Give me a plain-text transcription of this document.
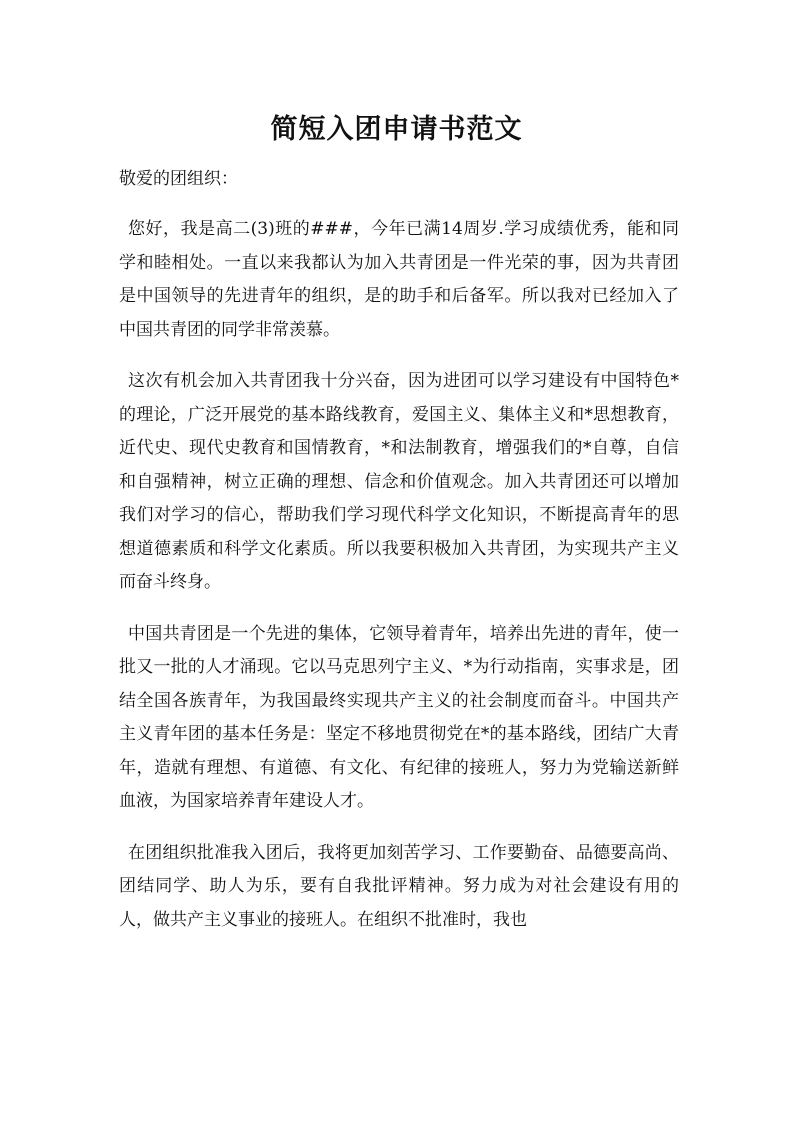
简短入团申请书范文

敬爱的团组织：

您好，我是高二(3)班的###，今年已满14周岁.学习成绩优秀，能和同学和睦相处。一直以来我都认为加入共青团是一件光荣的事，因为共青团是中国领导的先进青年的组织，是的助手和后备军。所以我对已经加入了中国共青团的同学非常羡慕。

这次有机会加入共青团我十分兴奋，因为进团可以学习建设有中国特色*的理论，广泛开展党的基本路线教育，爱国主义、集体主义和*思想教育，近代史、现代史教育和国情教育，*和法制教育，增强我们的*自尊，自信和自强精神，树立正确的理想、信念和价值观念。加入共青团还可以增加我们对学习的信心，帮助我们学习现代科学文化知识，不断提高青年的思想道德素质和科学文化素质。所以我要积极加入共青团，为实现共产主义而奋斗终身。

中国共青团是一个先进的集体，它领导着青年，培养出先进的青年，使一批又一批的人才涌现。它以马克思列宁主义、*为行动指南，实事求是，团结全国各族青年，为我国最终实现共产主义的社会制度而奋斗。中国共产主义青年团的基本任务是：坚定不移地贯彻党在*的基本路线，团结广大青年，造就有理想、有道德、有文化、有纪律的接班人，努力为党输送新鲜血液，为国家培养青年建设人才。

在团组织批准我入团后，我将更加刻苦学习、工作要勤奋、品德要高尚、团结同学、助人为乐，要有自我批评精神。努力成为对社会建设有用的人，做共产主义事业的接班人。在组织不批准时，我也
